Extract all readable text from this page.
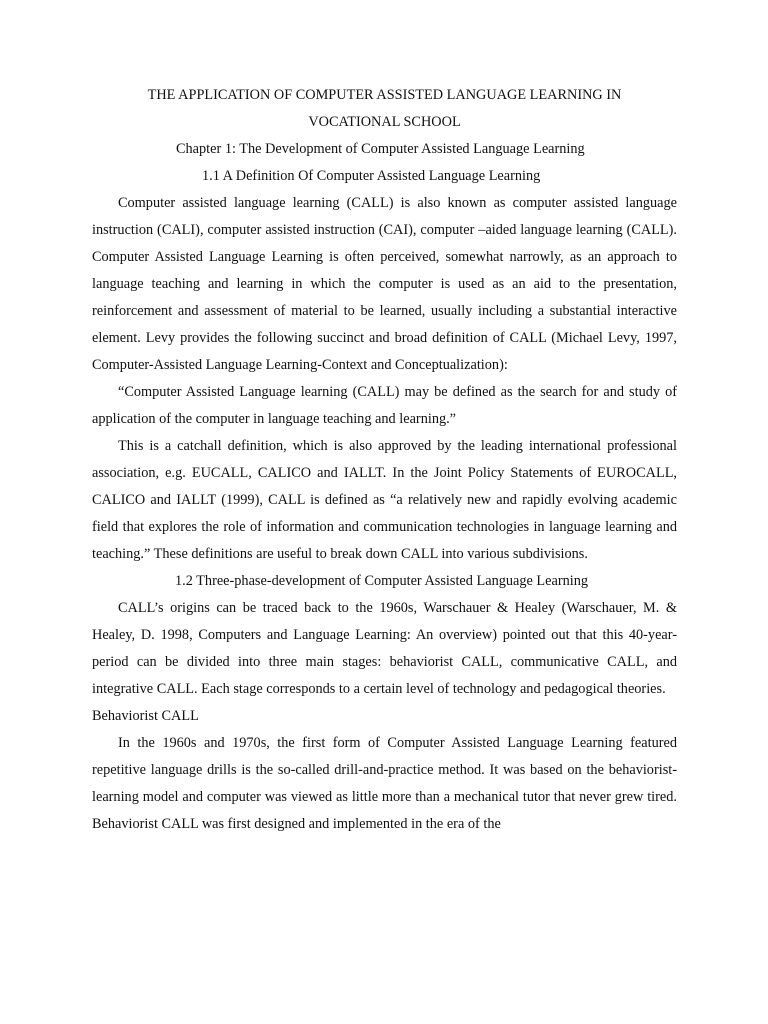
THE APPLICATION OF COMPUTER ASSISTED LANGUAGE LEARNING IN VOCATIONAL SCHOOL
Chapter 1: The Development of Computer Assisted Language Learning
1.1 A Definition Of Computer Assisted Language Learning

Computer assisted language learning (CALL) is also known as computer assisted language instruction (CALI), computer assisted instruction (CAI), computer –aided language learning (CALL). Computer Assisted Language Learning is often perceived, somewhat narrowly, as an approach to language teaching and learning in which the computer is used as an aid to the presentation, reinforcement and assessment of material to be learned, usually including a substantial interactive element. Levy provides the following succinct and broad definition of CALL (Michael Levy, 1997, Computer-Assisted Language Learning-Context and Conceptualization):

“Computer Assisted Language learning (CALL) may be defined as the search for and study of application of the computer in language teaching and learning.”

This is a catchall definition, which is also approved by the leading international professional association, e.g. EUCALL, CALICO and IALLT. In the Joint Policy Statements of EUROCALL, CALICO and IALLT (1999), CALL is defined as “a relatively new and rapidly evolving academic field that explores the role of information and communication technologies in language learning and teaching.” These definitions are useful to break down CALL into various subdivisions.

1.2 Three-phase-development of Computer Assisted Language Learning

CALL’s origins can be traced back to the 1960s, Warschauer & Healey (Warschauer, M. & Healey, D. 1998, Computers and Language Learning: An overview) pointed out that this 40-year-period can be divided into three main stages: behaviorist CALL, communicative CALL, and integrative CALL. Each stage corresponds to a certain level of technology and pedagogical theories.

Behaviorist CALL

In the 1960s and 1970s, the first form of Computer Assisted Language Learning featured repetitive language drills is the so-called drill-and-practice method. It was based on the behaviorist-learning model and computer was viewed as little more than a mechanical tutor that never grew tired. Behaviorist CALL was first designed and implemented in the era of the
